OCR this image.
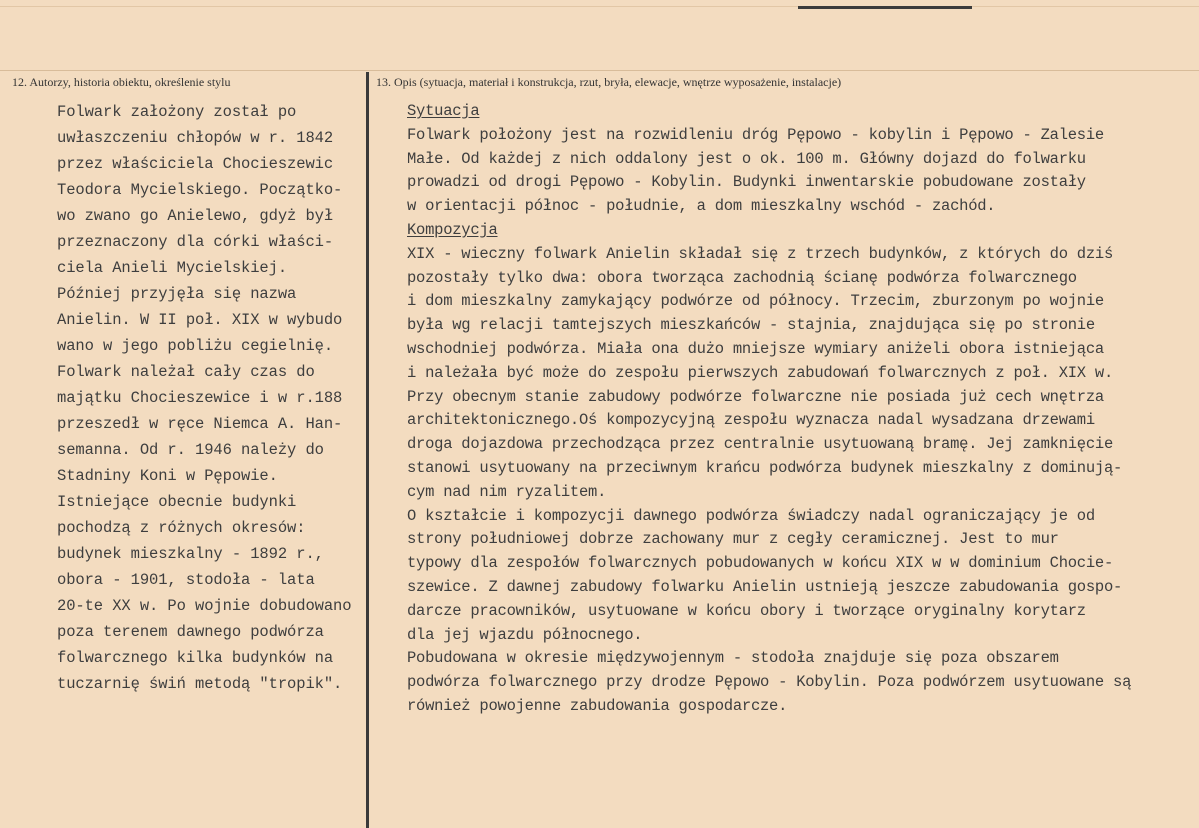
12. Autorzy, historia obiektu, określenie stylu	13. Opis (sytuacja, materiał i konstrukcja, rzut, bryła, elewacje, wnętrze wyposażenie, instalacje)
Folwark założony został po
uwłaszczeniu chłopów w r. 1842
przez właściciela Chocieszewic
Teodora Mycielskiego. Początko-
wo zwano go Anielewo, gdyż był
przeznaczony dla córki właści-
ciela Anieli Mycielskiej.
Później przyjęła się nazwa
Anielin. W II poł. XIX w wybudo
wano w jego pobliżu cegielnię.
Folwark należał cały czas do
majątku Chocieszewice i w r.188
przeszedł w ręce Niemca A. Han-
semanna. Od r. 1946 należy do
Stadniny Koni w Pępowie.
Istniejące obecnie budynki
pochodzą z różnych okresów:
budynek mieszkalny - 1892 r.,
obora - 1901, stodoła - lata
20-te XX w. Po wojnie dobudowano
poza terenem dawnego podwórza
folwarcznego kilka budynków na
tuczarnię świń metodą "tropik".
Sytuacja
Folwark położony jest na rozwidleniu dróg Pępowo - kobylin i Pępowo - Zalesie
Małe. Od każdej z nich oddalony jest o ok. 100 m. Główny dojazd do folwarku
prowadzi od drogi Pępowo - Kobylin. Budynki inwentarskie pobudowane zostały
w orientacji północ - południe, a dom mieszkalny wschód - zachód.
Kompozycja
XIX - wieczny folwark Anielin składał się z trzech budynków, z których do dziś
pozostały tylko dwa: obora tworząca zachodnią ścianę podwórza folwarcznego
i dom mieszkalny zamykający podwórze od północy. Trzecim, zburzonym po wojnie
była wg relacji tamtejszych mieszkańców - stajnia, znajdująca się po stronie
wschodniej podwórza. Miała ona dużo mniejsze wymiary aniżeli obora istniejąca
i należała być może do zespołu pierwszych zabudowań folwarcznych z poł. XIX w.
Przy obecnym stanie zabudowy podwórze folwarczne nie posiada już cech wnętrza
architektonicznego.Oś kompozycyjną zespołu wyznacza nadal wysadzana drzewami
droga dojazdowa przechodząca przez centralnie usytuowaną bramę. Jej zamknięcie
stanowi usytuowany na przeciwnym krańcu podwórza budynek mieszkalny z dominują-
cym nad nim ryzalitem.
O kształcie i kompozycji dawnego podwórza świadczy nadal ograniczający je od
strony południowej dobrze zachowany mur z cegły ceramicznej. Jest to mur
typowy dla zespołów folwarcznych pobudowanych w końcu XIX w w dominium Chocie-
szewice. Z dawnej zabudowy folwarku Anielin ustnieją jeszcze zabudowania gospo-
darcze pracowników, usytuowane w końcu obory i tworzące oryginalny korytarz
dla jej wjazdu północnego.
Pobudowana w okresie międzywojennym - stodoła znajduje się poza obszarem
podwórza folwarcznego przy drodze Pępowo - Kobylin. Poza podwórzem usytuowane są
również powojenne zabudowania gospodarcze.
